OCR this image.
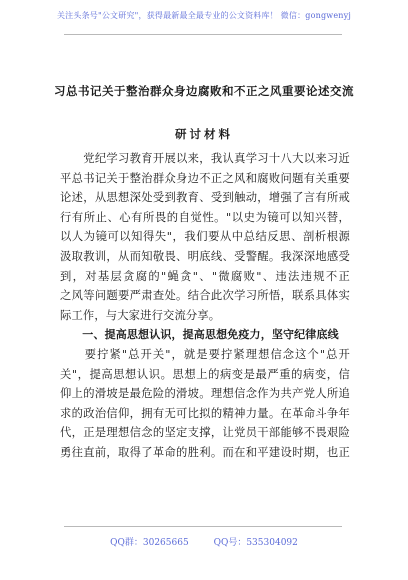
关注头条号"公文研究"，获得最新最全最专业的公文资料库！ 微信：gongwenyj
习总书记关于整治群众身边腐败和不正之风重要论述交流
研讨材料
　　党纪学习教育开展以来，我认真学习十八大以来习近
平总书记关于整治群众身边不正之风和腐败问题有关重要
论述，从思想深处受到教育、受到触动，增强了言有所戒
行有所止、心有所畏的自觉性。"以史为镜可以知兴替，
以人为镜可以知得失"，我们要从中总结反思、剖析根源
汲取教训，从而知敬畏、明底线、受警醒。我深深地感受
到，对基层贪腐的"蝇贪"、"微腐败"、违法违规不正
之风等问题要严肃查处。结合此次学习所悟，联系具体实
际工作，与大家进行交流分享。
　　一、提高思想认识，提高思想免疫力，坚守纪律底线
　　要拧紧"总开关"，就是要拧紧理想信念这个"总开
关"，提高思想认识。思想上的病变是最严重的病变，信
仰上的滑坡是最危险的滑坡。理想信念作为共产党人所追
求的政治信仰，拥有无可比拟的精神力量。在革命斗争年
代，正是理想信念的坚定支撑，让党员干部能够不畏艰险
勇往直前，取得了革命的胜利。而在和平建设时期，也正
QQ群：30265665	QQ号：535304092
